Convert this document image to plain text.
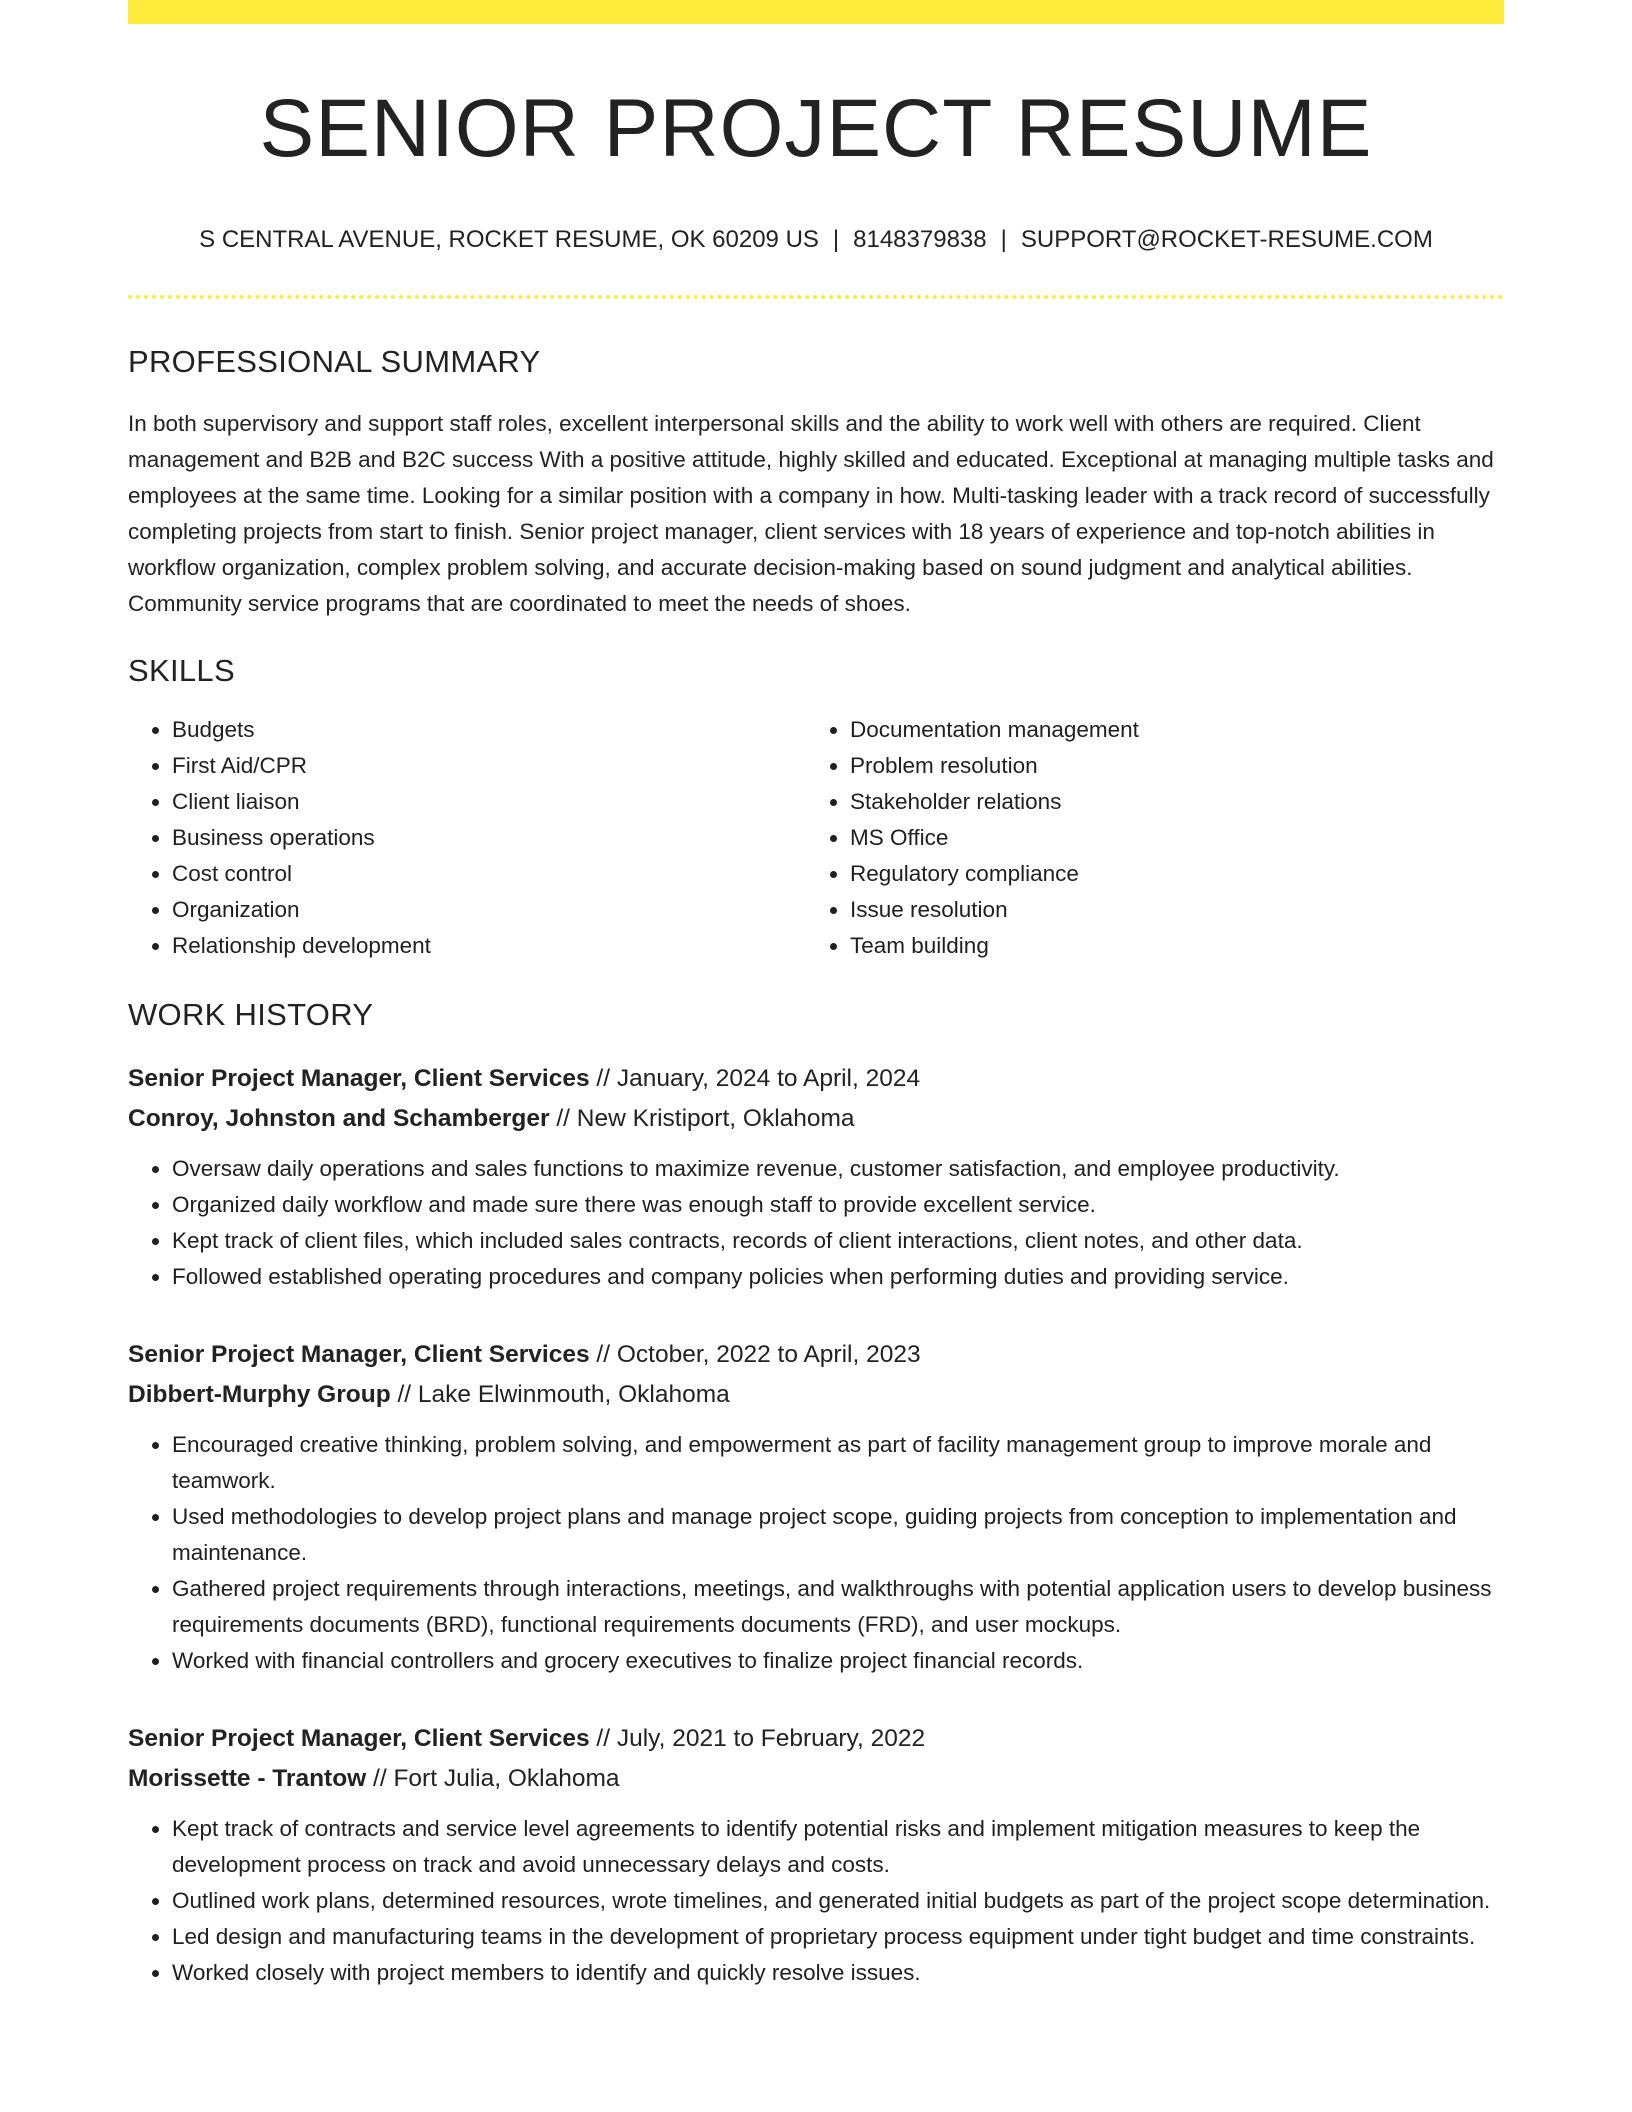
SENIOR PROJECT RESUME
S CENTRAL AVENUE, ROCKET RESUME, OK 60209 US | 8148379838 | SUPPORT@ROCKET-RESUME.COM
PROFESSIONAL SUMMARY

In both supervisory and support staff roles, excellent interpersonal skills and the ability to work well with others are required. Client management and B2B and B2C success With a positive attitude, highly skilled and educated. Exceptional at managing multiple tasks and employees at the same time. Looking for a similar position with a company in how. Multi-tasking leader with a track record of successfully completing projects from start to finish. Senior project manager, client services with 18 years of experience and top-notch abilities in workflow organization, complex problem solving, and accurate decision-making based on sound judgment and analytical abilities. Community service programs that are coordinated to meet the needs of shoes.

SKILLS
• Budgets
• First Aid/CPR
• Client liaison
• Business operations
• Cost control
• Organization
• Relationship development
• Documentation management
• Problem resolution
• Stakeholder relations
• MS Office
• Regulatory compliance
• Issue resolution
• Team building
WORK HISTORY
Senior Project Manager, Client Services // January, 2024 to April, 2024
Conroy, Johnston and Schamberger // New Kristiport, Oklahoma
• Oversaw daily operations and sales functions to maximize revenue, customer satisfaction, and employee productivity.
• Organized daily workflow and made sure there was enough staff to provide excellent service.
• Kept track of client files, which included sales contracts, records of client interactions, client notes, and other data.
• Followed established operating procedures and company policies when performing duties and providing service.
Senior Project Manager, Client Services // October, 2022 to April, 2023
Dibbert-Murphy Group // Lake Elwinmouth, Oklahoma
• Encouraged creative thinking, problem solving, and empowerment as part of facility management group to improve morale and teamwork.
• Used methodologies to develop project plans and manage project scope, guiding projects from conception to implementation and maintenance.
• Gathered project requirements through interactions, meetings, and walkthroughs with potential application users to develop business requirements documents (BRD), functional requirements documents (FRD), and user mockups.
• Worked with financial controllers and grocery executives to finalize project financial records.
Senior Project Manager, Client Services // July, 2021 to February, 2022
Morissette - Trantow // Fort Julia, Oklahoma
• Kept track of contracts and service level agreements to identify potential risks and implement mitigation measures to keep the development process on track and avoid unnecessary delays and costs.
• Outlined work plans, determined resources, wrote timelines, and generated initial budgets as part of the project scope determination.
• Led design and manufacturing teams in the development of proprietary process equipment under tight budget and time constraints.
• Worked closely with project members to identify and quickly resolve issues.
